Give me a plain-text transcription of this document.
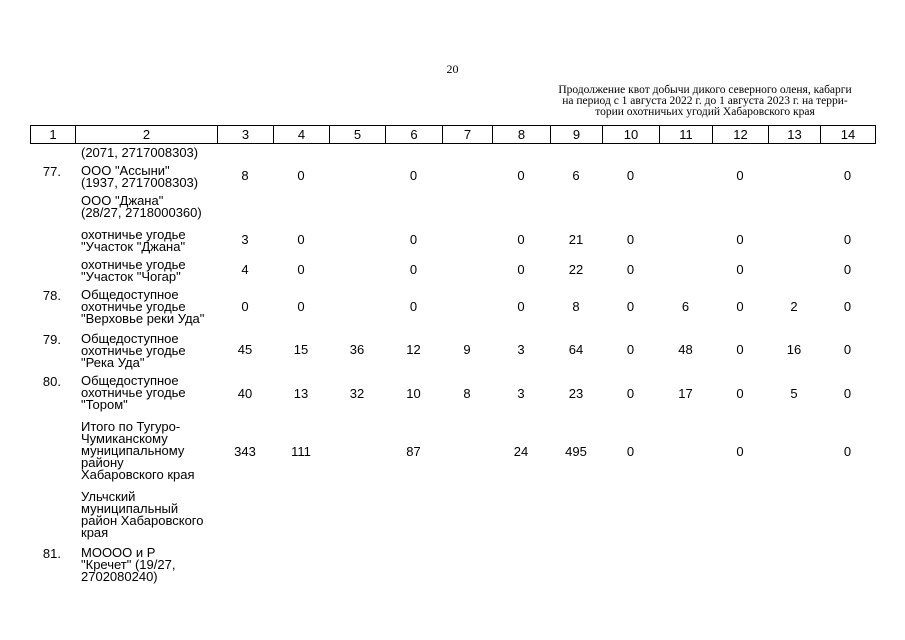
20
Продолжение квот добычи дикого северного оленя, кабарги
на период с 1 августа 2022 г. до 1 августа 2023 г. на терри-
тории охотничьих угодий Хабаровского края
1	2	3	4	5	6	7	8	9	10	11	12	13	14

	(2071, 2717008303)												

77.	ООО "Ассыни"
(1937, 2717008303)	8	0		0		0	6	0		0		0

	ООО "Джана"
(28/27, 2718000360)												

	охотничье угодье
"Участок "Джана"	3	0		0		0	21	0		0		0

	охотничье угодье
"Участок "Чогар"	4	0		0		0	22	0		0		0
78.	Общедоступное
охотничье угодье
"Верховье реки Уда"	0	0		0		0	8	0	6	0	2	0
79.	Общедоступное
охотничье угодье
"Река Уда"	45	15	36	12	9	3	64	0	48	0	16	0
80.	Общедоступное
охотничье угодье
"Тором"	40	13	32	10	8	3	23	0	17	0	5	0

	Итого по Тугуро-
Чумиканскому
муниципальному
району
Хабаровского края	343	111		87		24	495	0		0		0

	Ульчский
муниципальный
район Хабаровского
края												

81.	МОООО и Р
"Кречет" (19/27,
2702080240)												
